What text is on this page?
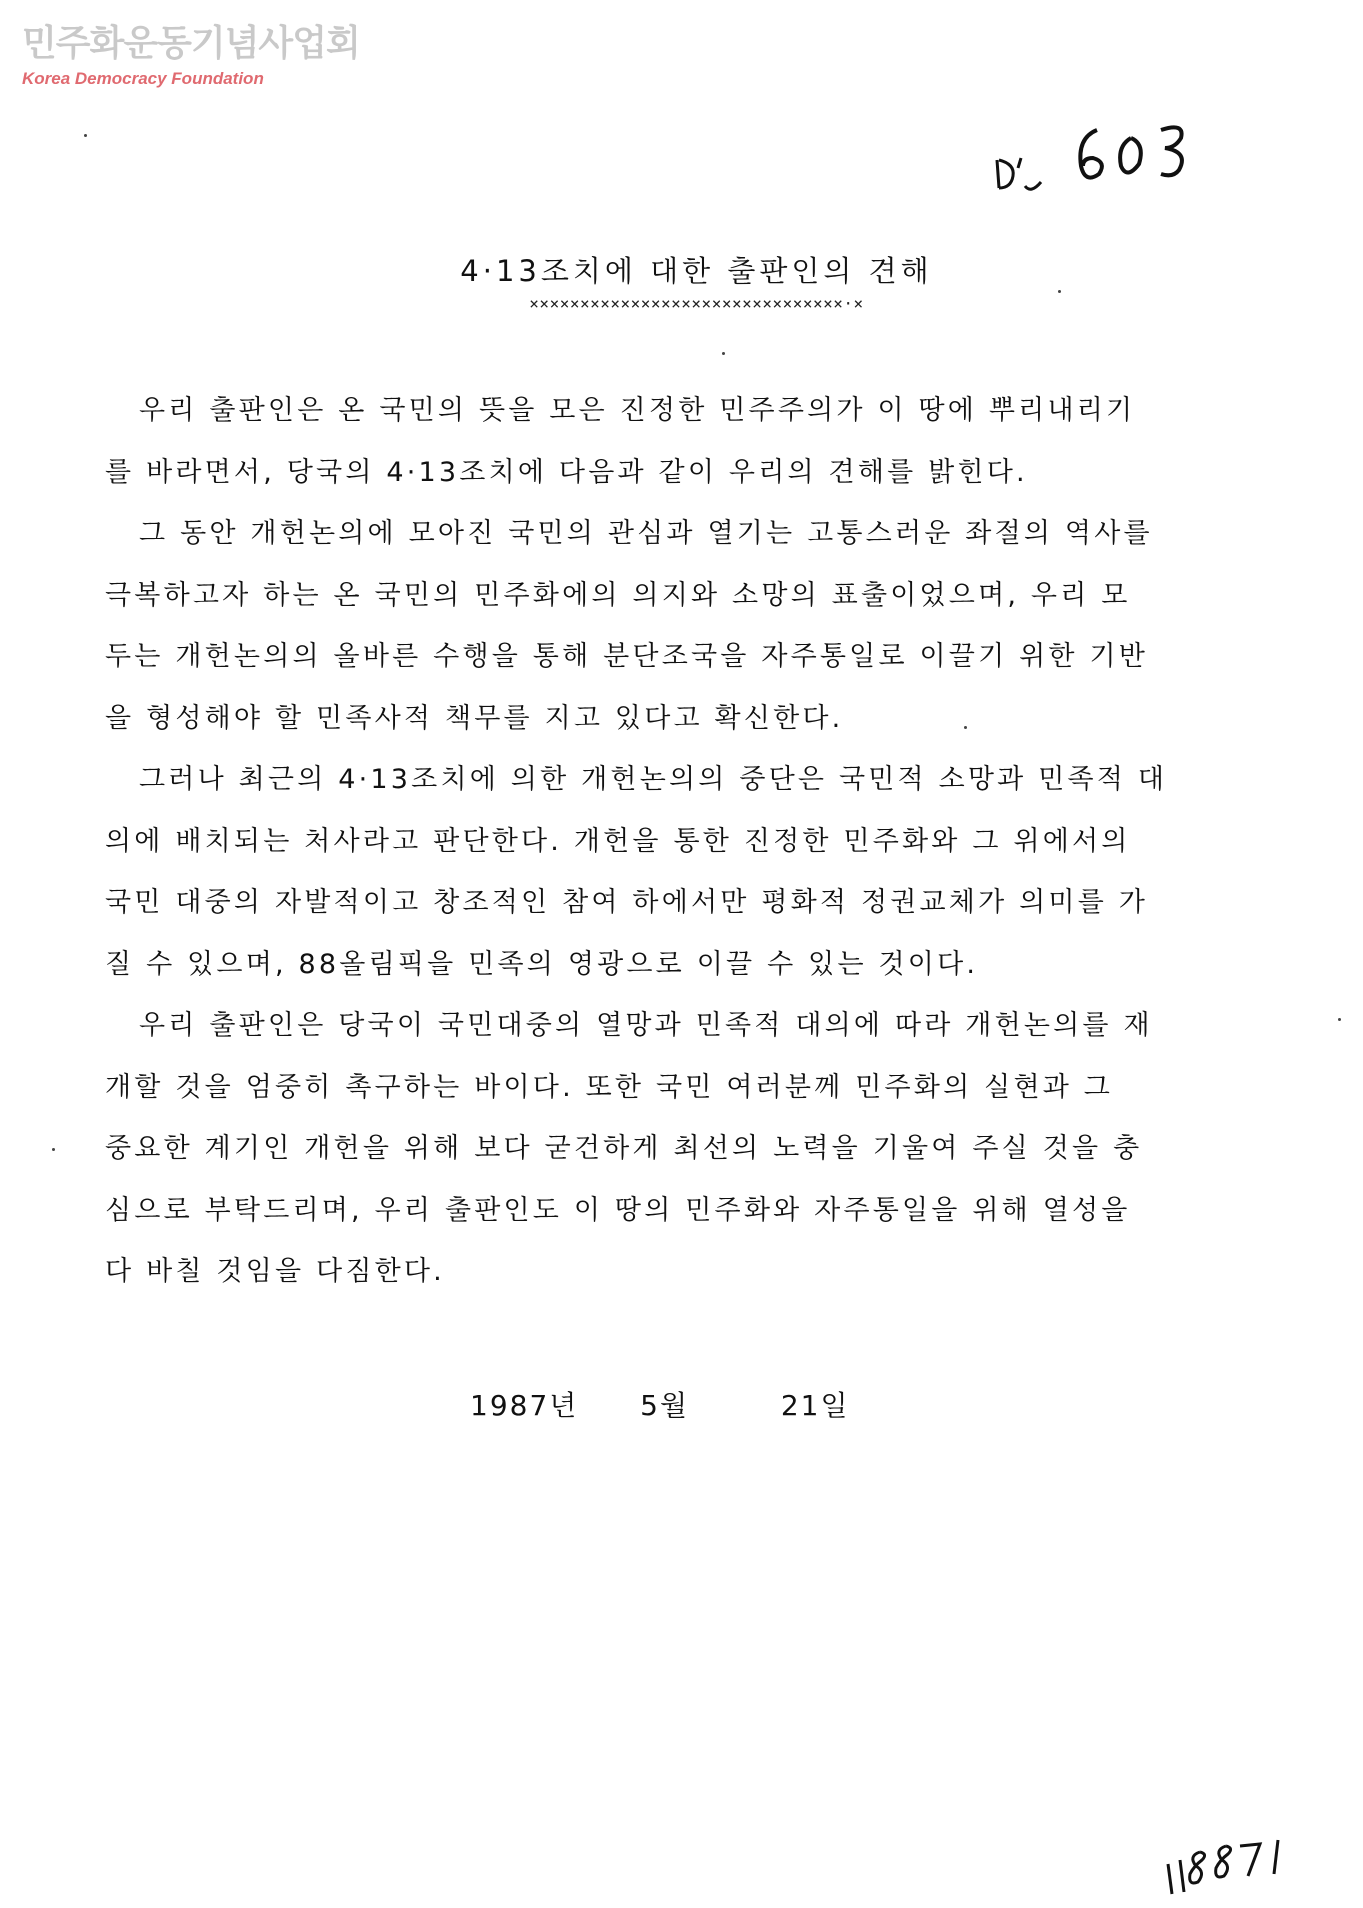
민주화운동기념사업회
Korea Democracy Foundation
4·13조치에 대한 출판인의 견해
×××××××××××××××××××××××××××××××·×
우리 출판인은 온 국민의 뜻을 모은 진정한 민주주의가 이 땅에 뿌리내리기
를 바라면서, 당국의 4·13조치에 다음과 같이 우리의 견해를 밝힌다.
그 동안 개헌논의에 모아진 국민의 관심과 열기는 고통스러운 좌절의 역사를
극복하고자 하는 온 국민의 민주화에의 의지와 소망의 표출이었으며, 우리 모
두는 개헌논의의 올바른 수행을 통해 분단조국을 자주통일로 이끌기 위한 기반
을 형성해야 할 민족사적 책무를 지고 있다고 확신한다.
그러나 최근의 4·13조치에 의한 개헌논의의 중단은 국민적 소망과 민족적 대
의에 배치되는 처사라고 판단한다. 개헌을 통한 진정한 민주화와 그 위에서의
국민 대중의 자발적이고 창조적인 참여 하에서만 평화적 정권교체가 의미를 가
질 수 있으며, 88올림픽을 민족의 영광으로 이끌 수 있는 것이다.
우리 출판인은 당국이 국민대중의 열망과 민족적 대의에 따라 개헌논의를 재
개할 것을 엄중히 촉구하는 바이다. 또한 국민 여러분께 민주화의 실현과 그
중요한 계기인 개헌을 위해 보다 굳건하게 최선의 노력을 기울여 주실 것을 충
심으로 부탁드리며, 우리 출판인도 이 땅의 민주화와 자주통일을 위해 열성을
다 바칠 것임을 다짐한다.
1987년 5월	21일
